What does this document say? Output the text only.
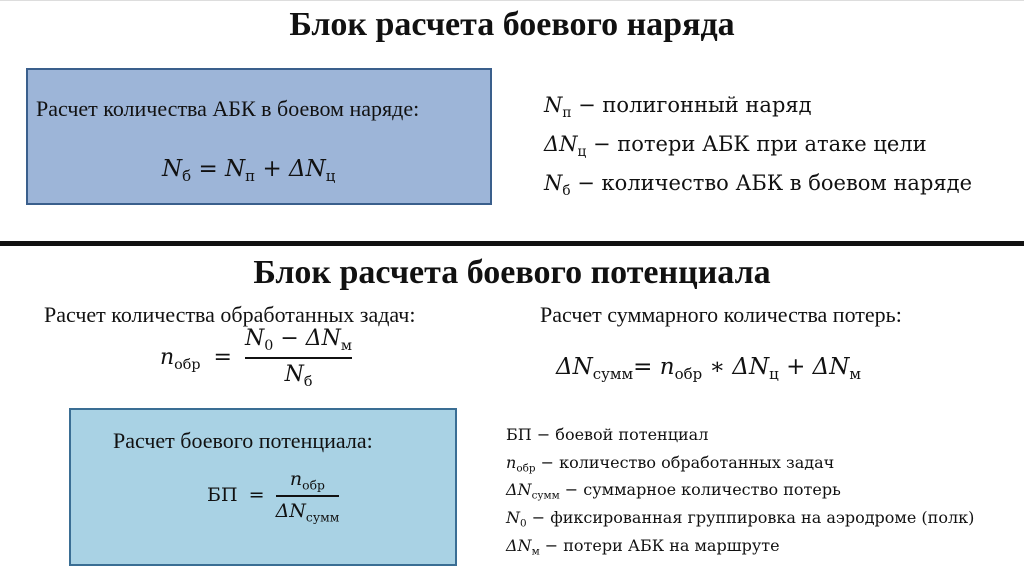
Блок расчета боевого наряда
Расчет количества АБК в боевом наряде:
$N_б = N_п + \Delta N_ц$
$N_п$ − полигонный наряд
$\Delta N_ц$ − потери АБК при атаке цели
$N_б$ − количество АБК в боевом наряде
Блок расчета боевого потенциала
Расчет количества обработанных задач:
$n_{обр} = \frac{N_0 - \Delta N_м}{N_б}$
Расчет суммарного количества потерь:
$\Delta N_{сумм}= n_{обр}$ ∗ $\Delta N_ц + \Delta N_м$
Расчет боевого потенциала:
БП = $\frac{n_{обр}}{\Delta N_{сумм}}$
БП − боевой потенциал
$n_{обр}$ − количество обработанных задач
$\Delta N_{сумм}$ − суммарное количество потерь
$N_0$ − фиксированная группировка на аэродроме (полк)
$\Delta N_м$ − потери АБК на маршруте
